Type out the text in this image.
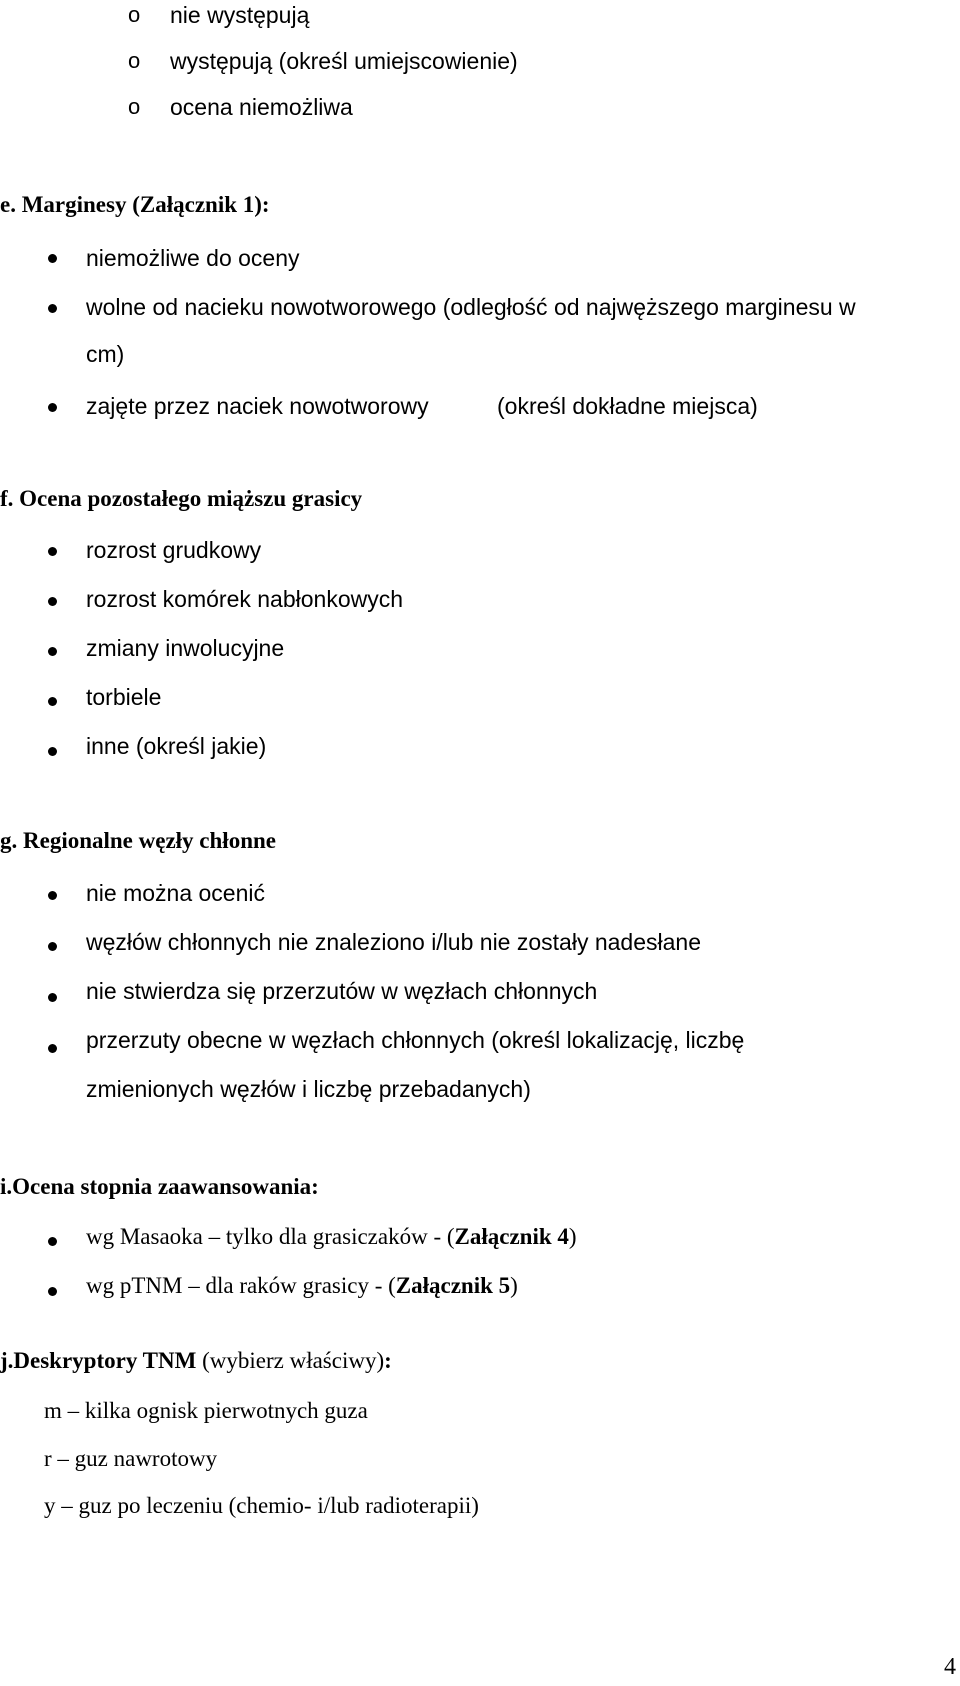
o nie występują
o występują (określ umiejscowienie)
o ocena niemożliwa
e. Marginesy (Załącznik 1):
niemożliwe do oceny
wolne od nacieku nowotworowego (odległość od najwęższego marginesu w
cm)
zajęte przez naciek nowotworowy	(określ dokładne miejsca)
f. Ocena pozostałego miąższu grasicy
rozrost grudkowy
rozrost komórek nabłonkowych
zmiany inwolucyjne
torbiele
inne (określ jakie)
g. Regionalne węzły chłonne
nie można ocenić
węzłów chłonnych nie znaleziono i/lub nie zostały nadesłane
nie stwierdza się przerzutów w węzłach chłonnych
przerzuty obecne w węzłach chłonnych (określ lokalizację, liczbę
zmienionych węzłów i liczbę przebadanych)
i.Ocena stopnia zaawansowania:
wg Masaoka – tylko dla grasiczaków - (Załącznik 4)
wg pTNM – dla raków grasicy - (Załącznik 5)
j.Deskryptory TNM (wybierz właściwy):
m – kilka ognisk pierwotnych guza
r – guz nawrotowy
y – guz po leczeniu (chemio- i/lub radioterapii)
4
